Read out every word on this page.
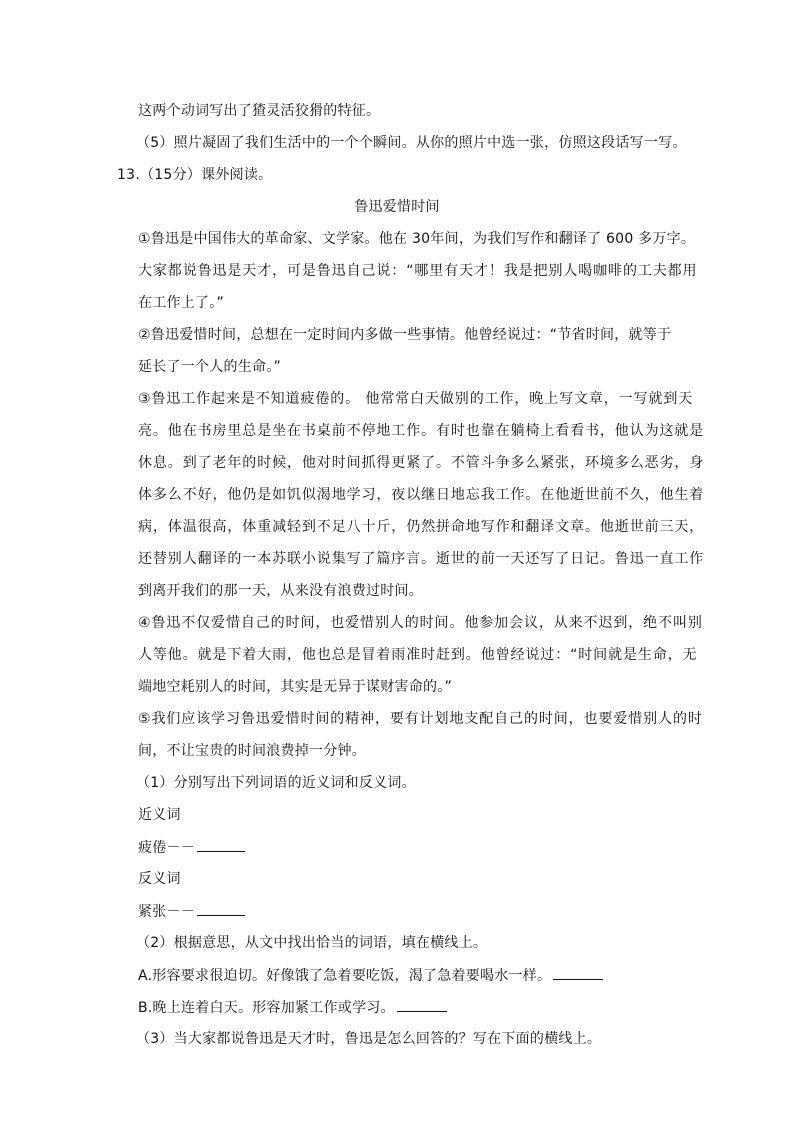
这两个动词写出了猹灵活狡猾的特征。
（5）照片凝固了我们生活中的一个个瞬间。从你的照片中选一张，仿照这段话写一写。
13.（15分）课外阅读。
鲁迅爱惜时间
①鲁迅是中国伟大的革命家、文学家。他在 30年间，为我们写作和翻译了 600 多万字。
大家都说鲁迅是天才，可是鲁迅自己说：“哪里有天才！我是把别人喝咖啡的工夫都用
在工作上了。”
②鲁迅爱惜时间，总想在一定时间内多做一些事情。他曾经说过：“节省时间，就等于
延长了一个人的生命。”
③鲁迅工作起来是不知道疲倦的。 他常常白天做别的工作，晚上写文章，一写就到天
亮。他在书房里总是坐在书桌前不停地工作。有时也靠在躺椅上看看书，他认为这就是
休息。到了老年的时候，他对时间抓得更紧了。不管斗争多么紧张，环境多么恶劣，身
体多么不好，他仍是如饥似渴地学习，夜以继日地忘我工作。在他逝世前不久，他生着
病，体温很高，体重减轻到不足八十斤，仍然拼命地写作和翻译文章。他逝世前三天，
还替别人翻译的一本苏联小说集写了篇序言。逝世的前一天还写了日记。鲁迅一直工作
到离开我们的那一天，从来没有浪费过时间。
④鲁迅不仅爱惜自己的时间，也爱惜别人的时间。他参加会议，从来不迟到，绝不叫别
人等他。就是下着大雨，他也总是冒着雨准时赶到。他曾经说过：“时间就是生命，无
端地空耗别人的时间，其实是无异于谋财害命的。”
⑤我们应该学习鲁迅爱惜时间的精神，要有计划地支配自己的时间，也要爱惜别人的时
间，不让宝贵的时间浪费掉一分钟。
（1）分别写出下列词语的近义词和反义词。
近义词
疲倦－－
反义词
紧张－－
（2）根据意思，从文中找出恰当的词语，填在横线上。
A.形容要求很迫切。好像饿了急着要吃饭，渴了急着要喝水一样。
B.晚上连着白天。形容加紧工作或学习。
（3）当大家都说鲁迅是天才时，鲁迅是怎么回答的？写在下面的横线上。
